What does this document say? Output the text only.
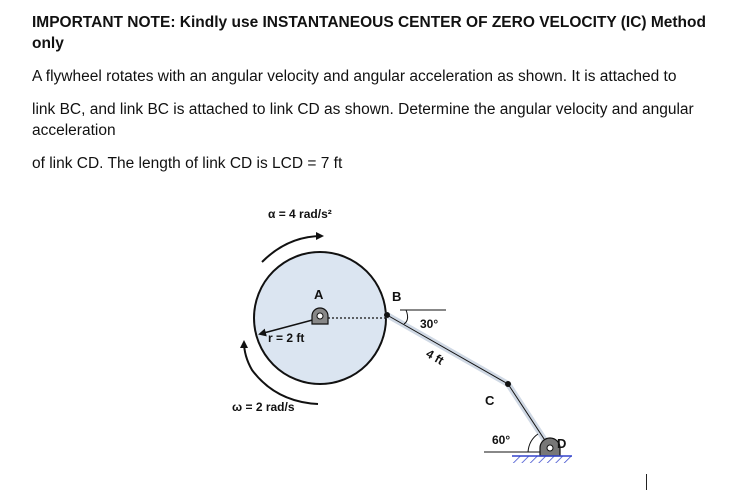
IMPORTANT NOTE: Kindly use INSTANTANEOUS CENTER OF ZERO VELOCITY (IC) Method only

A flywheel rotates with an angular velocity and angular acceleration as shown. It is attached to

link BC, and link BC is attached to link CD as shown. Determine the angular velocity and angular acceleration

of link CD. The length of link CD is LCD = 7 ft

α = 4 rad/s²
ω = 2 rad/s
r = 2 ft
A	B
30°
4 ft
C
60°	D
